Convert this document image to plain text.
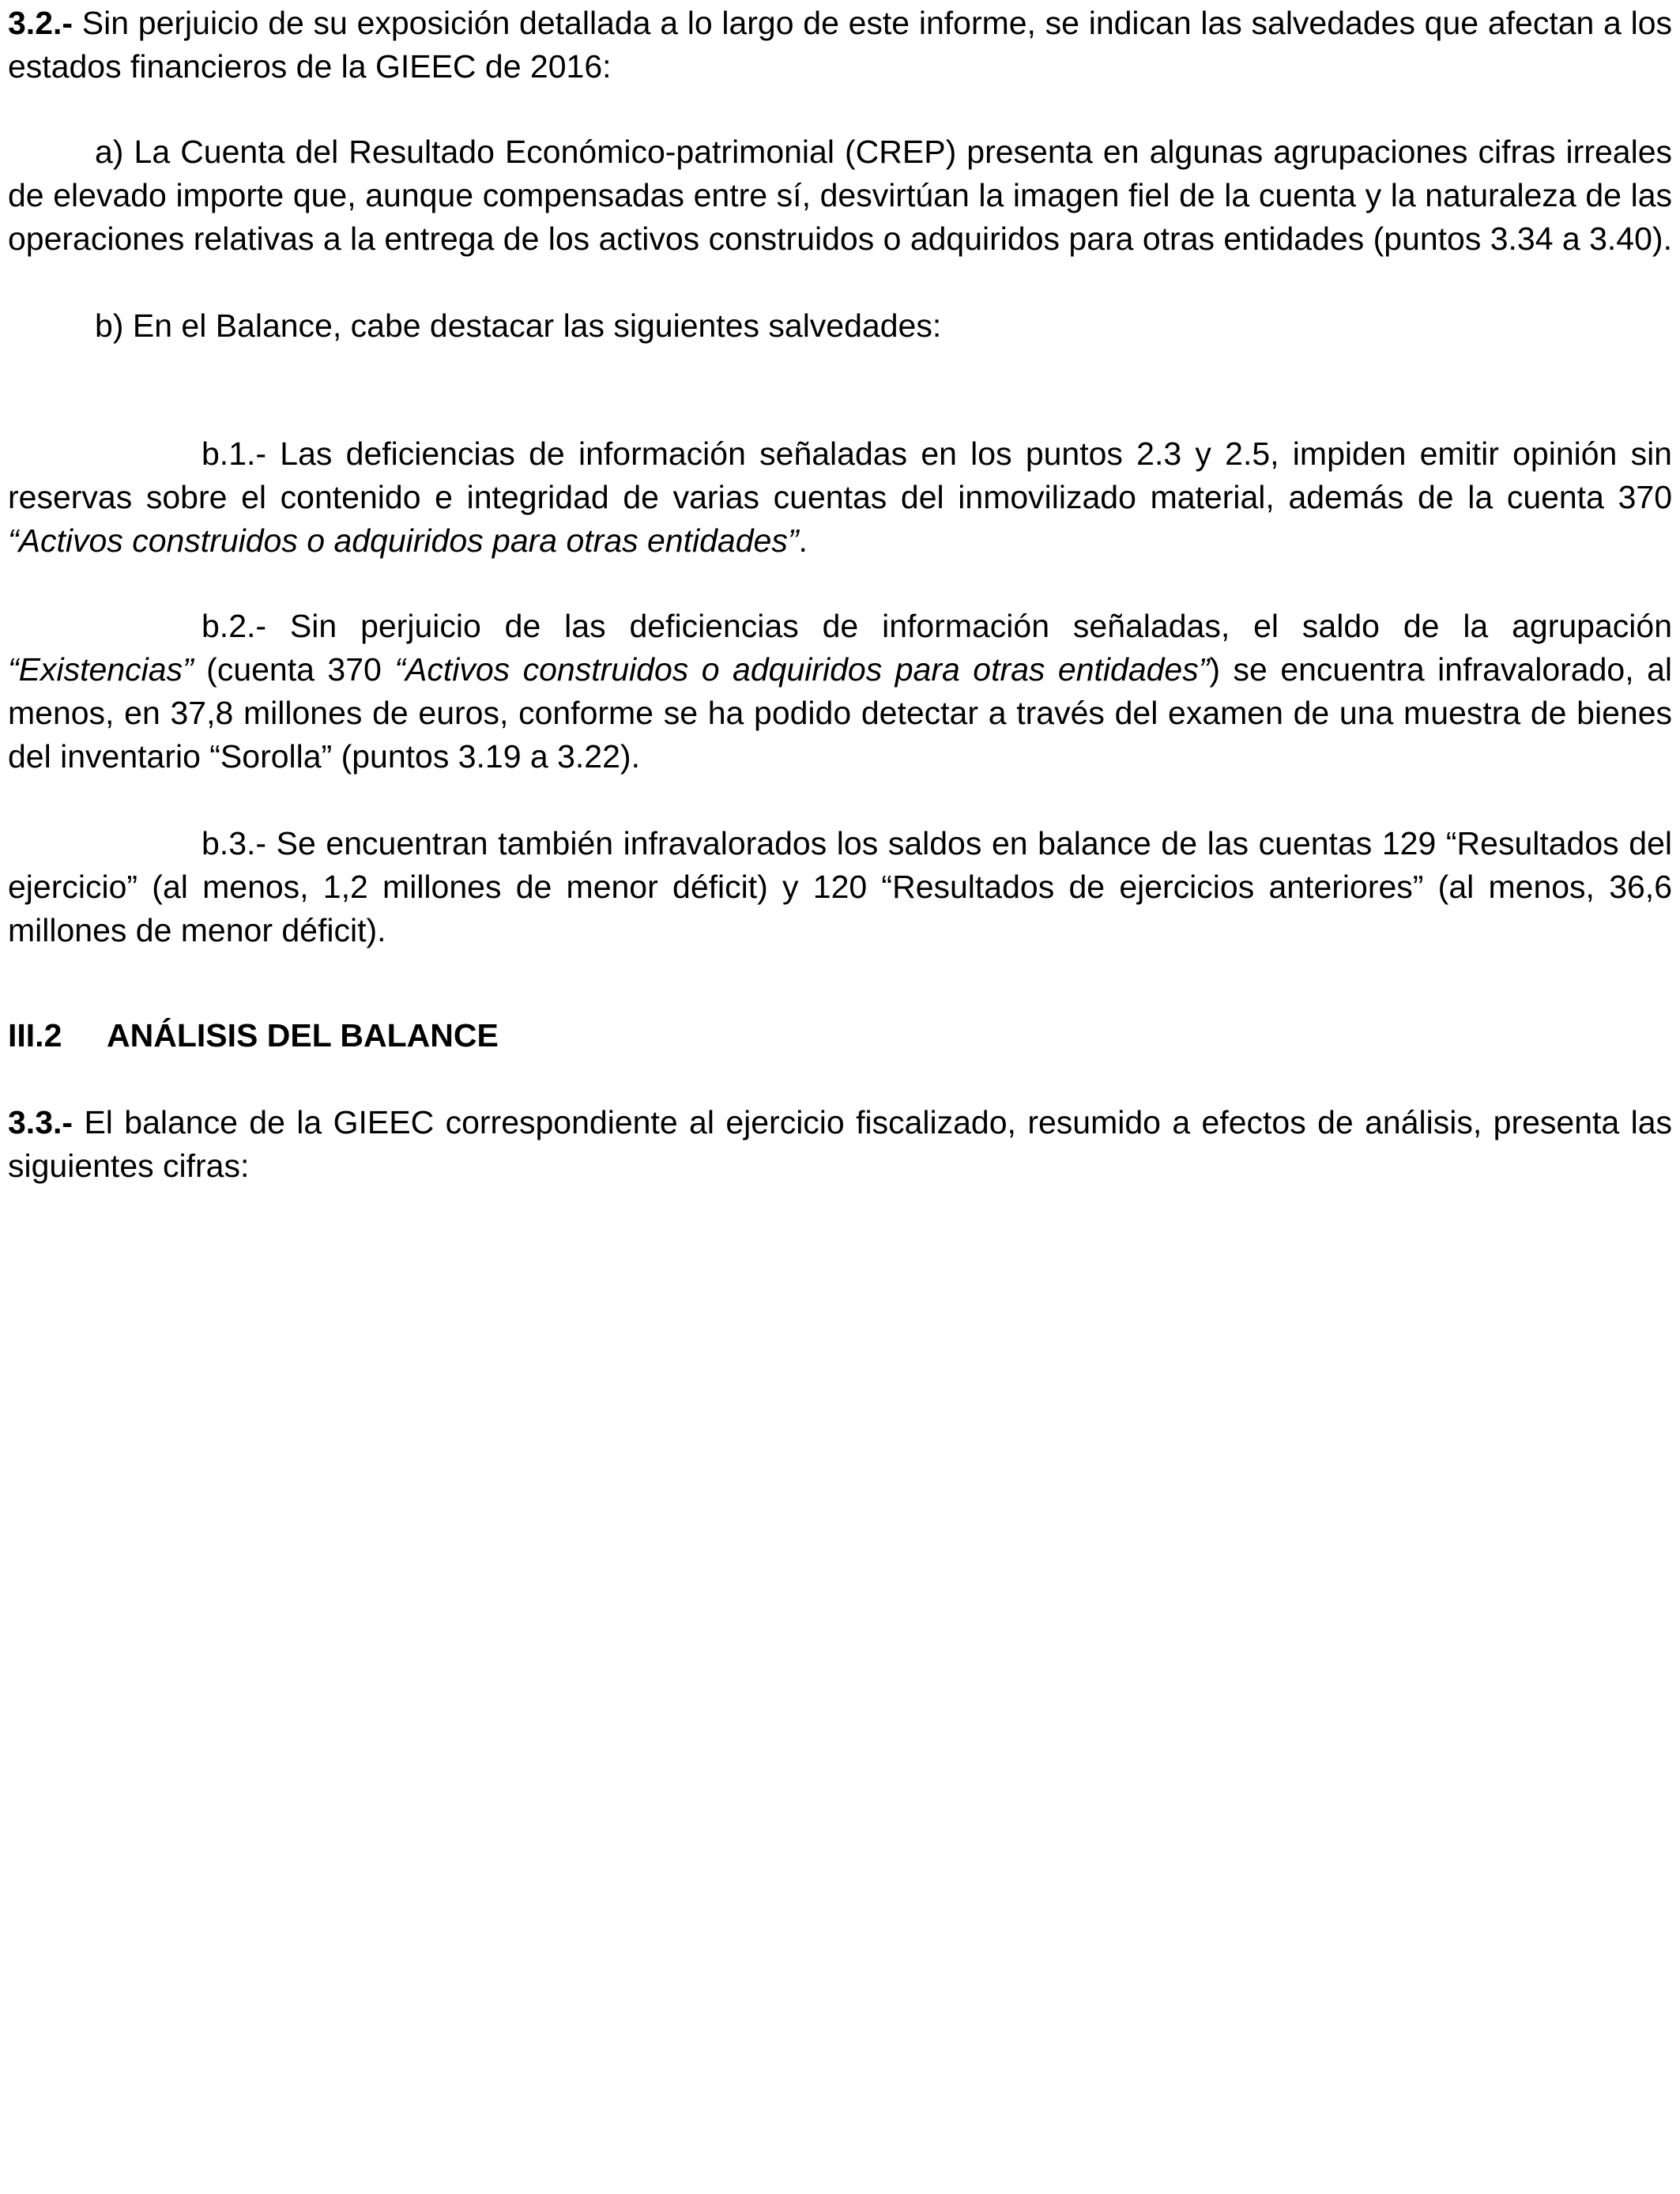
3.2.- Sin perjuicio de su exposición detallada a lo largo de este informe, se indican las salvedades que afectan a los estados financieros de la GIEEC de 2016:

a) La Cuenta del Resultado Económico-patrimonial (CREP) presenta en algunas agrupaciones cifras irreales de elevado importe que, aunque compensadas entre sí, desvirtúan la imagen fiel de la cuenta y la naturaleza de las operaciones relativas a la entrega de los activos construidos o adquiridos para otras entidades (puntos 3.34 a 3.40).

b) En el Balance, cabe destacar las siguientes salvedades:

b.1.- Las deficiencias de información señaladas en los puntos 2.3 y 2.5, impiden emitir opinión sin reservas sobre el contenido e integridad de varias cuentas del inmovilizado material, además de la cuenta 370 “Activos construidos o adquiridos para otras entidades”.

b.2.- Sin perjuicio de las deficiencias de información señaladas, el saldo de la agrupación “Existencias” (cuenta 370 “Activos construidos o adquiridos para otras entidades”) se encuentra infravalorado, al menos, en 37,8 millones de euros, conforme se ha podido detectar a través del examen de una muestra de bienes del inventario “Sorolla” (puntos 3.19 a 3.22).

b.3.- Se encuentran también infravalorados los saldos en balance de las cuentas 129 “Resultados del ejercicio” (al menos, 1,2 millones de menor déficit) y 120 “Resultados de ejercicios anteriores” (al menos, 36,6 millones de menor déficit).

III.2 ANÁLISIS DEL BALANCE

3.3.- El balance de la GIEEC correspondiente al ejercicio fiscalizado, resumido a efectos de análisis, presenta las siguientes cifras:
